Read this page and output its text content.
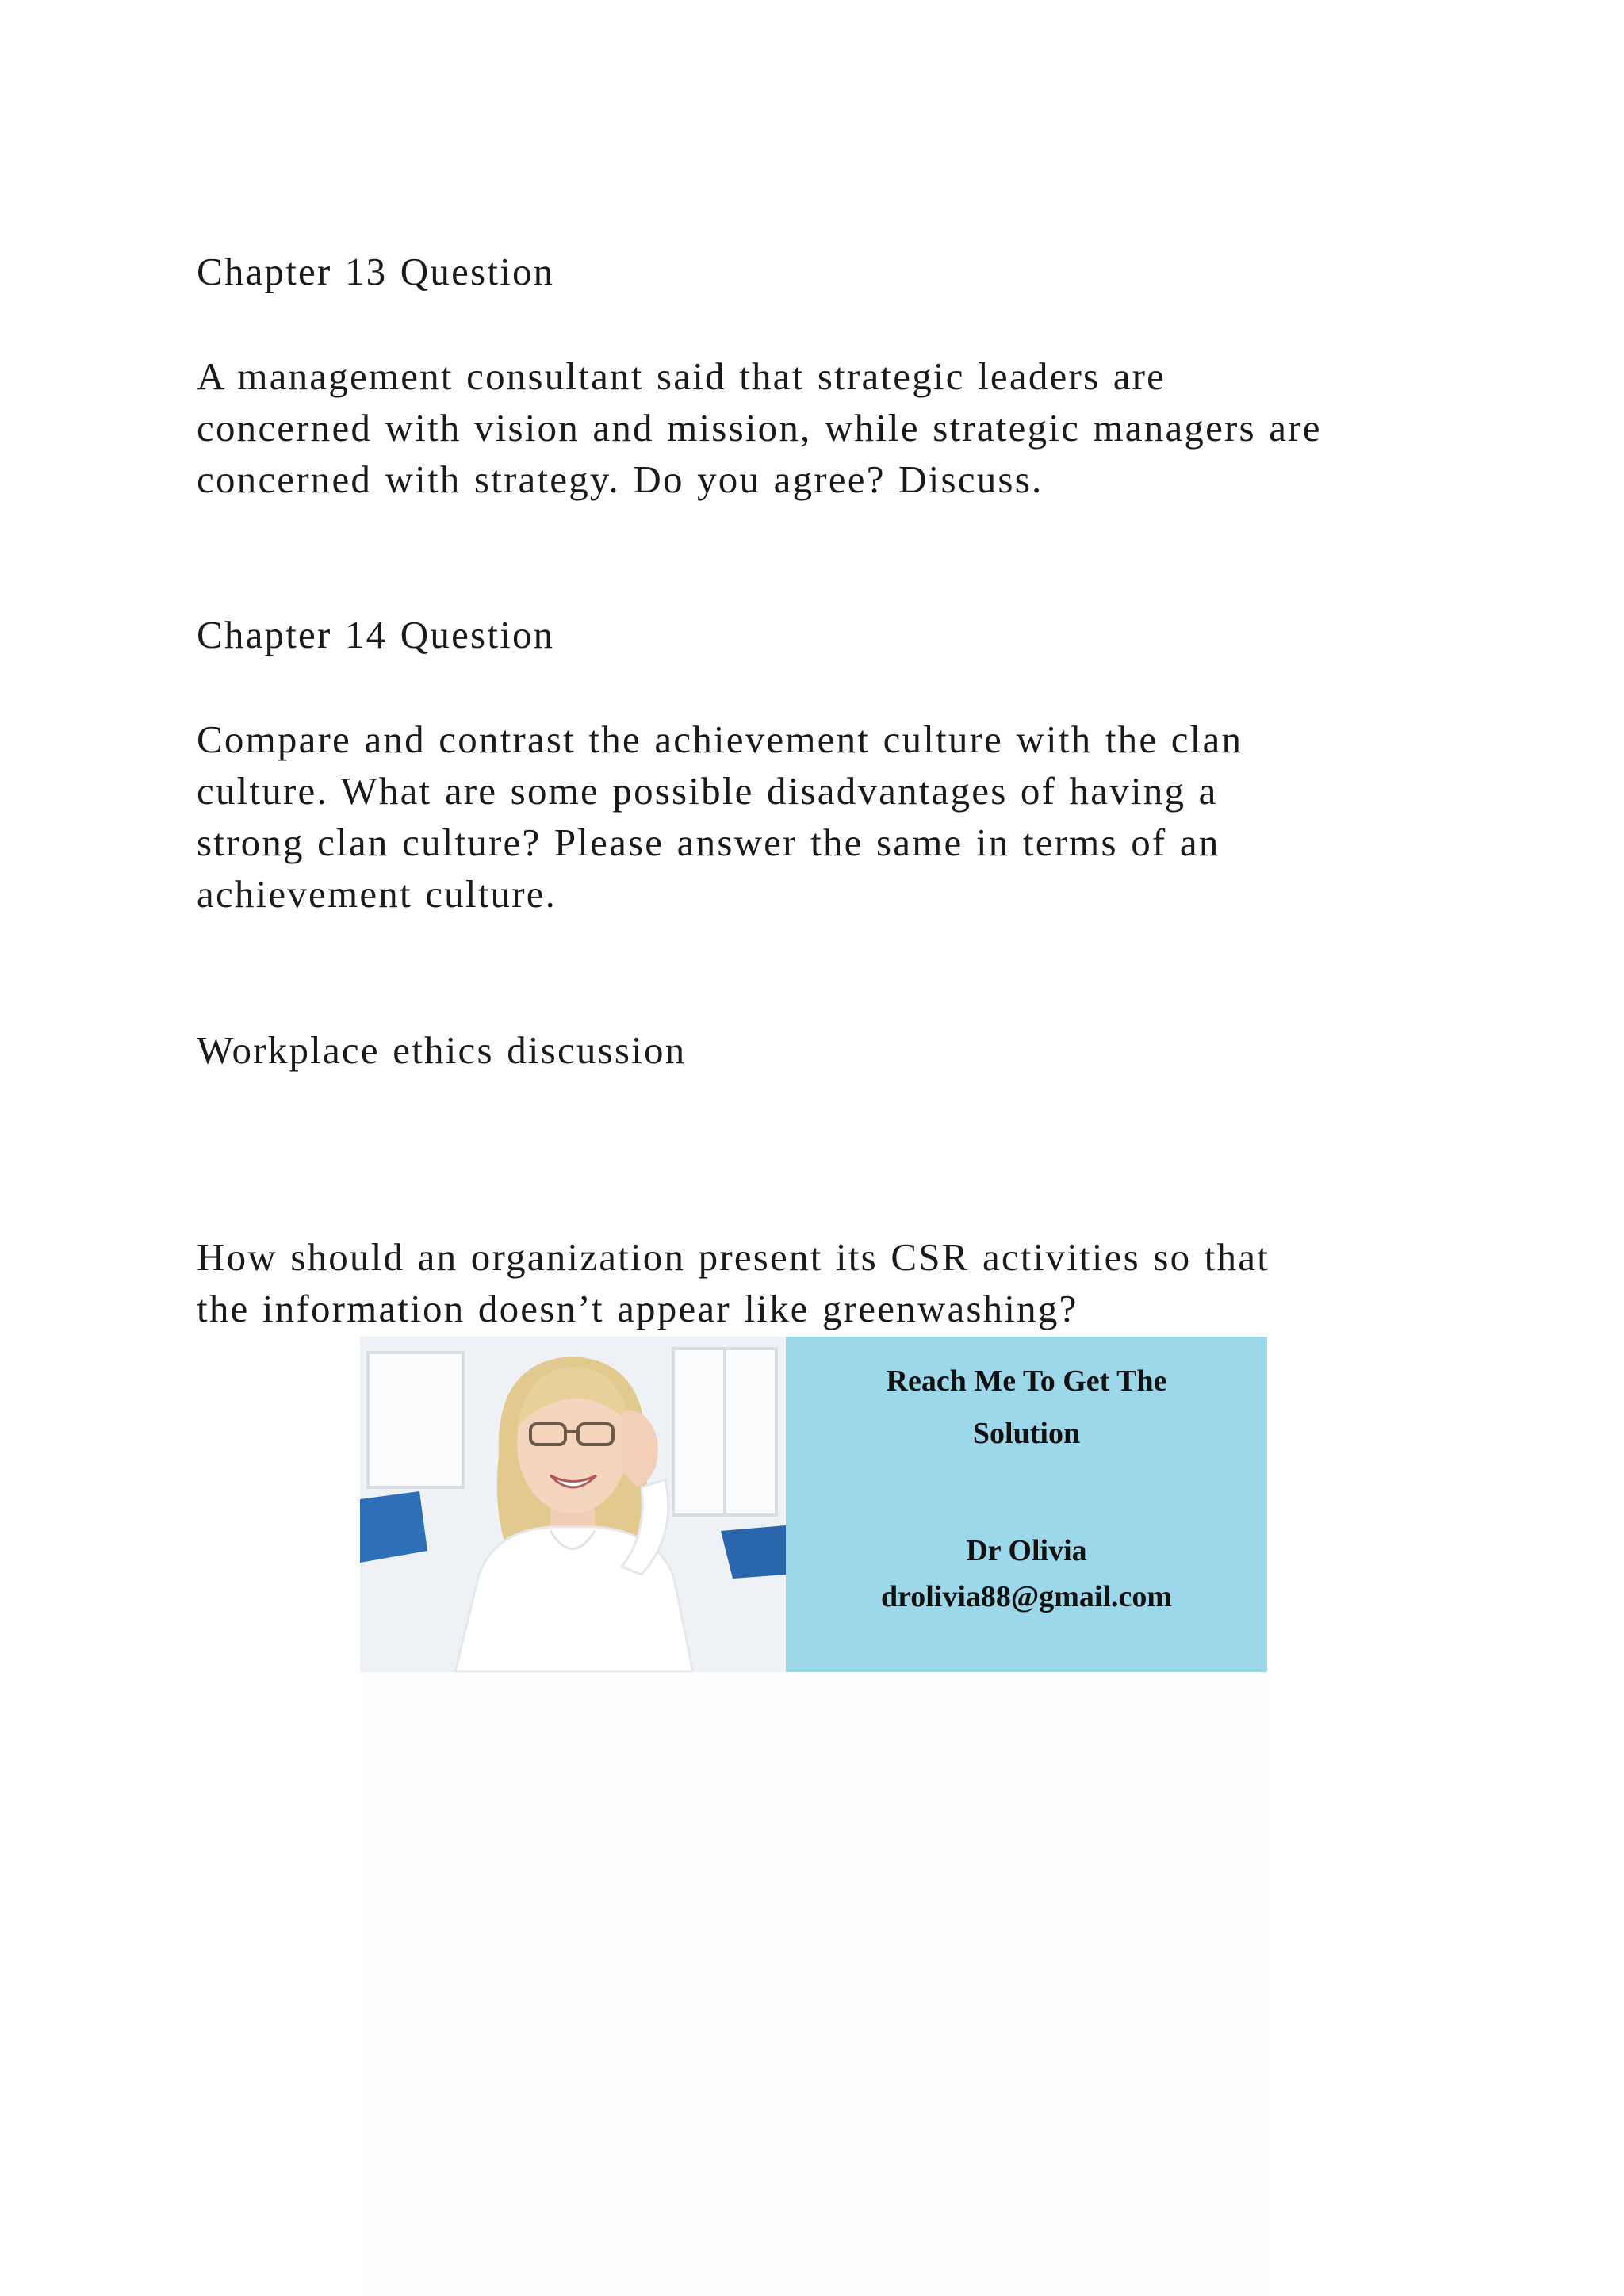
Chapter 13 Question

A management consultant said that strategic leaders are
concerned with vision and mission, while strategic managers are
concerned with strategy. Do you agree? Discuss.

Chapter 14 Question

Compare and contrast the achievement culture with the clan
culture. What are some possible disadvantages of having a
strong clan culture? Please answer the same in terms of an
achievement culture.

Workplace ethics discussion

How should an organization present its CSR activities so that
the information doesn’t appear like greenwashing?

Reach Me To Get The
Solution
Dr Olivia
drolivia88@gmail.com
